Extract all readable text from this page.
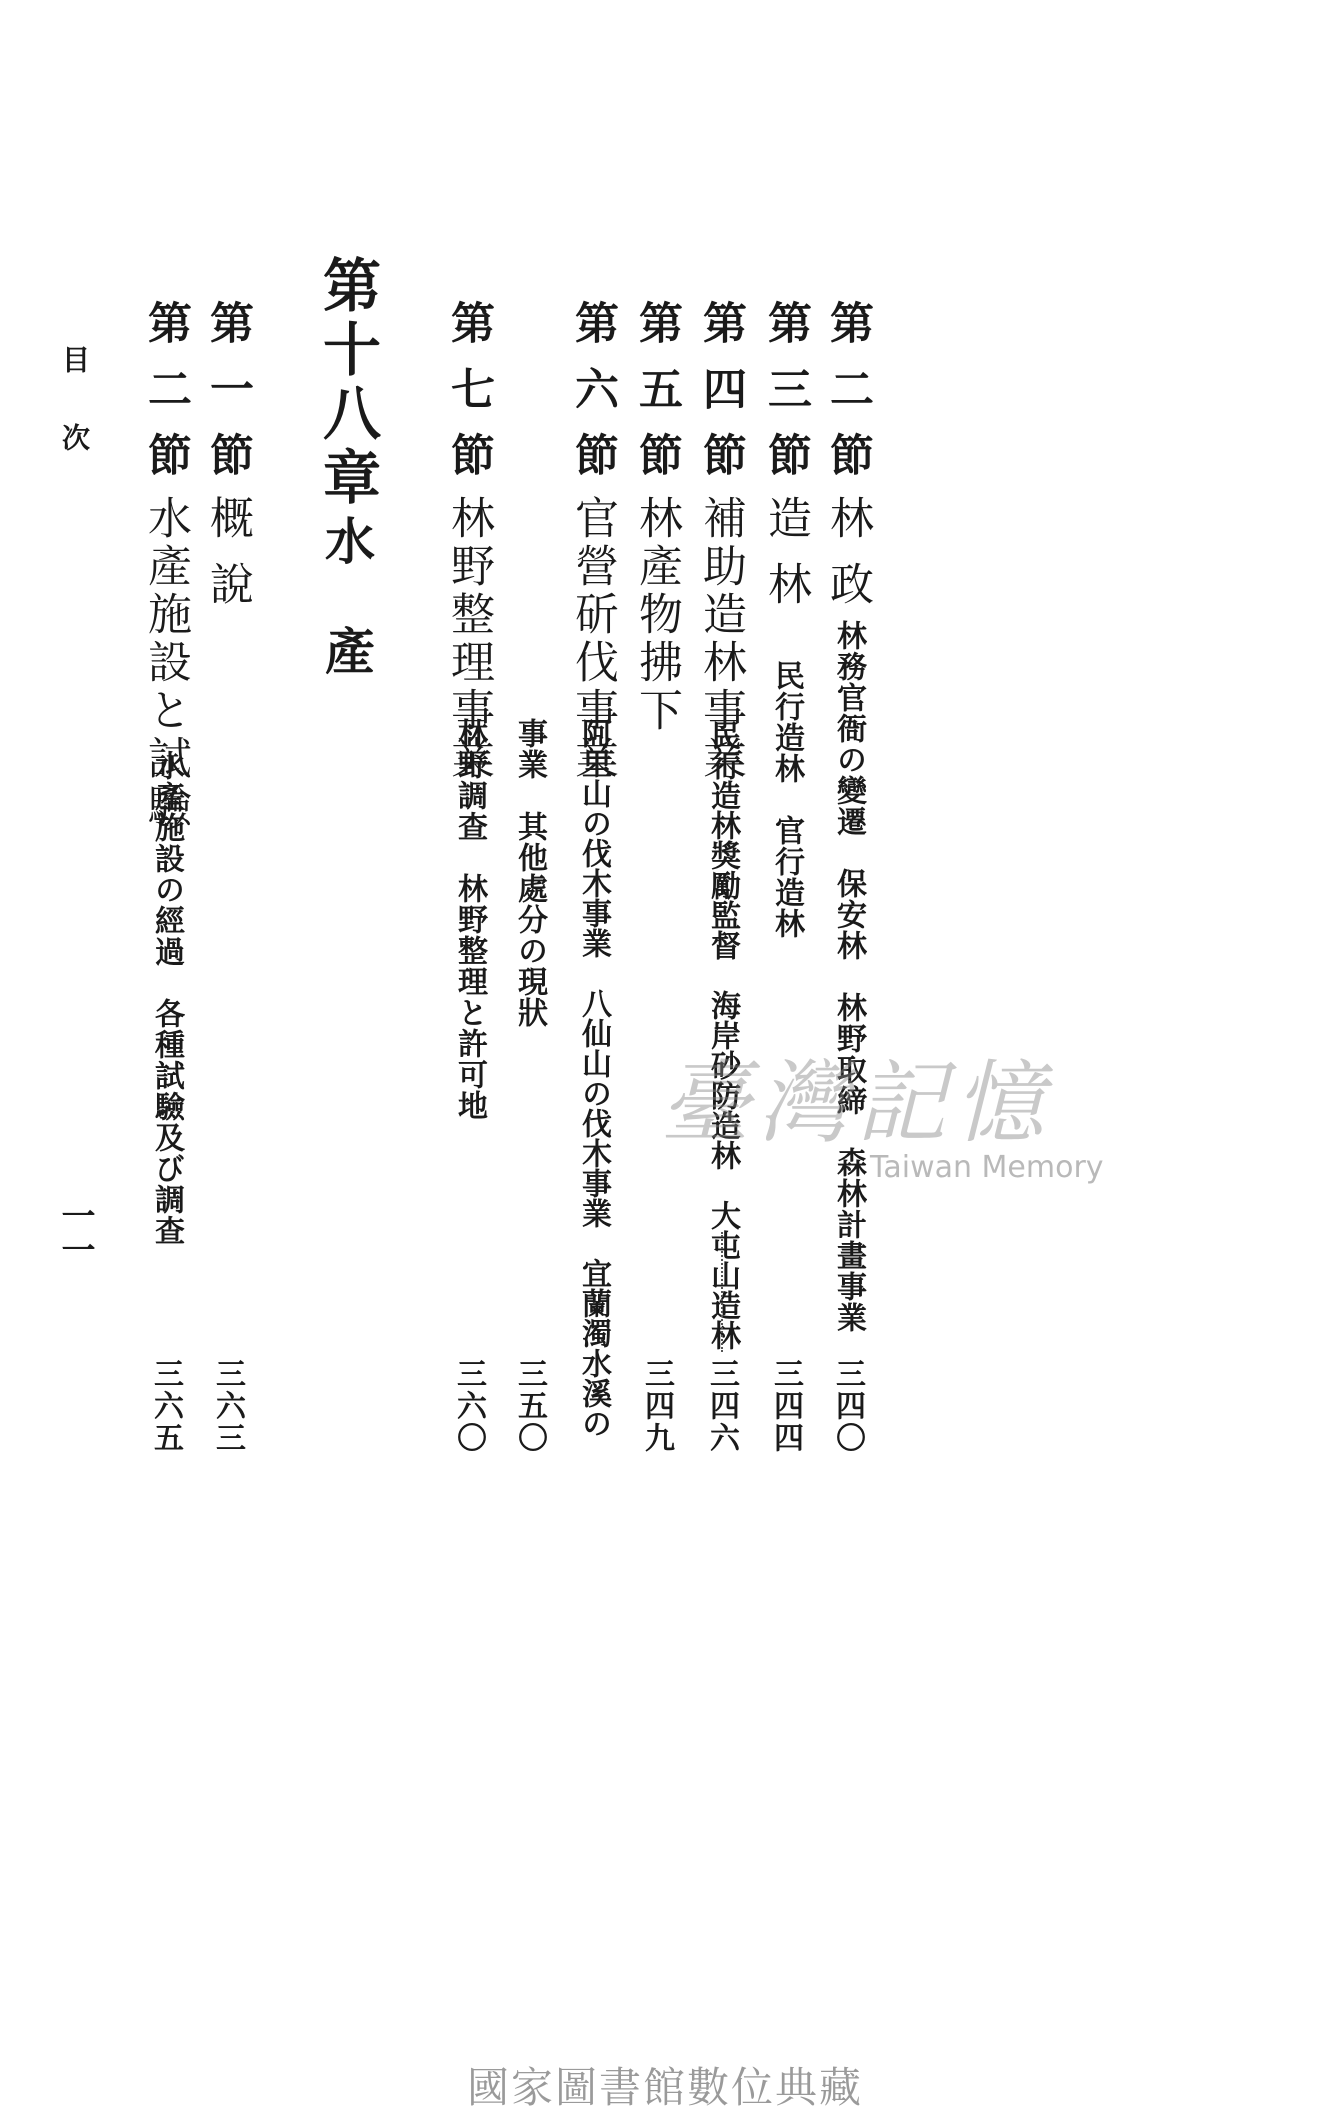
第二節
林政
林務官衙の變遷　保安林　林野取締　森林計畫事業
三四〇
第三節
造林
民行造林　官行造林
三四四
第四節
補助造林事業
民行造林獎勵監督　海岸砂防造林　大屯山造林
三四六
第五節
林產物拂下
三四九
第六節
官營斫伐事業
阿里山の伐木事業　八仙山の伐木事業　宜蘭濁水溪の
事業　其他處分の現狀
三五〇
第七節
林野整理事業
林野調查　林野整理と許可地
三六〇
第十八章
水產
第一節
概說
三六三
第二節
水產施設と試驗
水產施設の經過　各種試驗及び調查
三六五
目次
一一
臺灣記憶
Taiwan Memory
國家圖書館數位典藏
